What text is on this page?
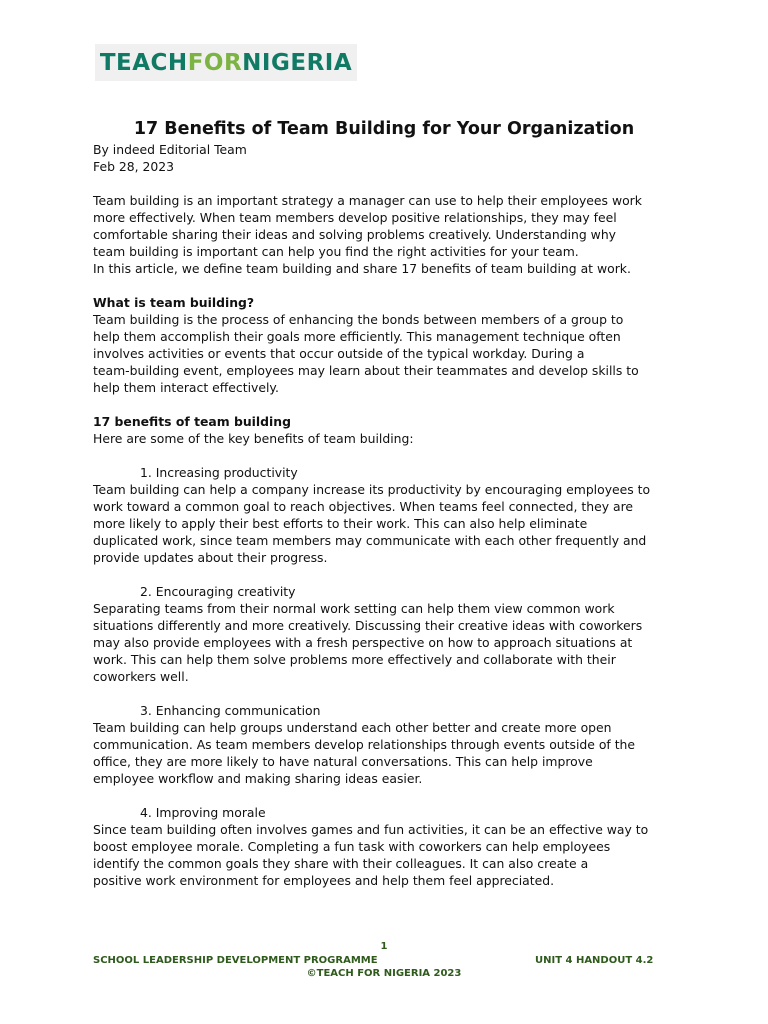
TEACHFORNIGERIA
17 Benefits of Team Building for Your Organization

By indeed Editorial Team

Feb 28, 2023

Team building is an important strategy a manager can use to help their employees work

more effectively. When team members develop positive relationships, they may feel

comfortable sharing their ideas and solving problems creatively. Understanding why

team building is important can help you find the right activities for your team.

In this article, we define team building and share 17 benefits of team building at work.

What is team building?

Team building is the process of enhancing the bonds between members of a group to

help them accomplish their goals more efficiently. This management technique often

involves activities or events that occur outside of the typical workday. During a

team-building event, employees may learn about their teammates and develop skills to

help them interact effectively.

17 benefits of team building

Here are some of the key benefits of team building:

1. Increasing productivity

Team building can help a company increase its productivity by encouraging employees to

work toward a common goal to reach objectives. When teams feel connected, they are

more likely to apply their best efforts to their work. This can also help eliminate

duplicated work, since team members may communicate with each other frequently and

provide updates about their progress.

2. Encouraging creativity

Separating teams from their normal work setting can help them view common work

situations differently and more creatively. Discussing their creative ideas with coworkers

may also provide employees with a fresh perspective on how to approach situations at

work. This can help them solve problems more effectively and collaborate with their

coworkers well.

3. Enhancing communication

Team building can help groups understand each other better and create more open

communication. As team members develop relationships through events outside of the

office, they are more likely to have natural conversations. This can help improve

employee workflow and making sharing ideas easier.

4. Improving morale

Since team building often involves games and fun activities, it can be an effective way to

boost employee morale. Completing a fun task with coworkers can help employees

identify the common goals they share with their colleagues. It can also create a

positive work environment for employees and help them feel appreciated.

1
SCHOOL LEADERSHIP DEVELOPMENT PROGRAMME	UNIT 4 HANDOUT 4.2
©TEACH FOR NIGERIA 2023
